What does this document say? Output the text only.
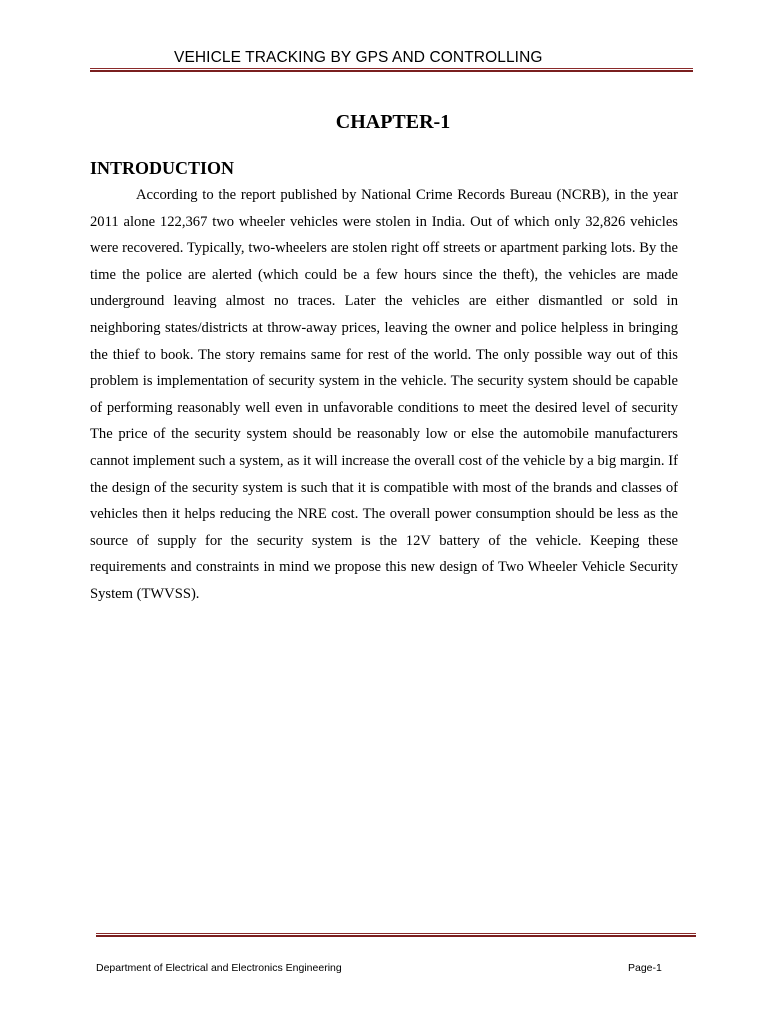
VEHICLE TRACKING BY GPS AND CONTROLLING
CHAPTER-1
INTRODUCTION

According to the report published by National Crime Records Bureau (NCRB), in the year 2011 alone 122,367 two wheeler vehicles were stolen in India. Out of which only 32,826 vehicles were recovered. Typically, two-wheelers are stolen right off streets or apartment parking lots. By the time the police are alerted (which could be a few hours since the theft), the vehicles are made underground leaving almost no traces. Later the vehicles are either dismantled or sold in neighboring states/districts at throw-away prices, leaving the owner and police helpless in bringing the thief to book. The story remains same for rest of the world. The only possible way out of this problem is implementation of security system in the vehicle. The security system should be capable of performing reasonably well even in unfavorable conditions to meet the desired level of security The price of the security system should be reasonably low or else the automobile manufacturers cannot implement such a system, as it will increase the overall cost of the vehicle by a big margin. If the design of the security system is such that it is compatible with most of the brands and classes of vehicles then it helps reducing the NRE cost. The overall power consumption should be less as the source of supply for the security system is the 12V battery of the vehicle. Keeping these requirements and constraints in mind we propose this new design of Two Wheeler Vehicle Security System (TWVSS).

Department of Electrical and Electronics Engineering	Page-1
